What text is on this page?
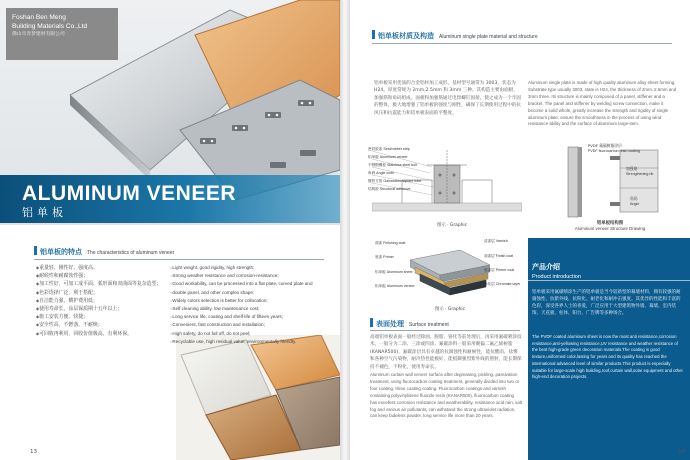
Foshan Ben Meng
Building Materials Co.,Ltd
佛山市奔梦建材有限公司
ALUMINUM VENEER
铝单板
铝单板的特点 The characteristics of aluminum veneer
◆ 重量轻、刚性好、强度高；
◆ 耐候性和耐腐蚀性强；
◆ 加工性好，可加工成平面、弧形面和双曲面等复杂造型；
◆ 色彩选择广泛，利于搭配；
◆ 自洁能力强，横护费用低；
◆ 使用寿命长，涂层保质期十五年以上；
◆ 施工安装方便、快捷；
◆ 安全性高，不燃落，不耐焕；
◆ 可回收再利用，回收价值极高，有利环保。
○ Light weight, good rigidity, high strength;
○ Strong weather resistance and corrosion-resistance;
○ Good workability, can be processed into a flat plate, curved plate and
○ double panel, and other complex shape;
○ Widely colors selection is better for collocation;
○ Self cleaning ability, low maintenance cost;
○ Long service life, coating and shelf-life of fifteen years;
○ Convenient, fast construction and installation;
○ High safety, do not fall off, do not peel;
○ Recyclable use, high residual value, environmentally friendly.
13
铝单板材质及构造 Aluminum single plate material and structure
铝单板采用优质的合金铝材加工成形。基材型号通常为 3003，状态为 H24。厚度常规为 2mm,2.5mm 和 3mm 三种。其构造主要由面板、加强筋和角码组成。面板和加强筋通过电焊螺钉固接，使之成为一个牢固的整体，极大地增强了铝单板的强度与刚性，确保了长期使用过程中的抗风压和抗震能力和铝单板表面的平整度。
Aluminum single plate is made of high quality aluminum alloy sheet forming. Substrate type usually 3003, state is H24, the thickness of 2mm, 2.5mm and 3mm three. Its structure is mainly composed of a panel, stiffener and a bracket. The panel and stiffener by welding screw connection, make it become a solid whole, greatly increase the strength and rigidity of single aluminum plate, ensure the smoothness in the process of using wind resistance ability and the surface of aluminum large-item.
密封胶条 Seal/rubber strip
铝单板 Aluminum veneer
不锈钢螺栓 Stainless steel bolt
角码 Angle code
镀锌方管 Galvanized square tube
结构胶 Structural adhesive
图示 · Graphic
PVDF 氟碳树脂涂层
PVDF fluorocarbon resin coating
加强筋
Strengthening rib
角码
Angle
铝单板结构图
Aluminum veneer Structure Drawing
面漆 Finishing coat
底漆 Primer
铝单板 Aluminum sheet
铝单板 Aluminum veneer
清漆层 Varnish
面漆层 Finish coat
底漆层 Primer coat
铬化层 Chromate layer
图示 · Graphic
表面处理 Surface treatment
高端铝单板表面一般经过除油、脱脂、铬化等前处理后，再采用氟碳喷涂技术，一般分为二涂、三涂或四涂。氟碳涂料一般采用聚偏二氟乙烯树脂(KANAR500)，氟碳涂层具有卓越的抗腐蚀性和耐候性，能抗酸雨、盐雾和各种空气污染物，耐冷热性能极好，能抵御强烈紫外线的照射，能长期保持不褪色，不粉化，使用寿命长。
Aluminum curtain wall veneer surface after degreasing, pickling, passivation treatment, using fluorocarbon coating treatment, generally divided into two or four coating, three coating coating. Fluorocarbon coatings and varnish containing polyvinylidene fluoride resin (KANAR500), fluorocarbon coating has excellent corrosion resistance and weatherability, resistance acid rain, salt fog and various air pollutants, can withstand the strong ultraviolet radiation, can keep fadeless powder, long service life more than 20 years.
产品介绍
Product introduction
铝单板采用氟碳喷涂生产的铝单板是当今较新型的幕墙材料，拥有较强的耐腐蚀性、抗紫外线、抗粉化、耐老化和耐冲击强度。其优异的性能和丰富的色彩，深受各界人士的喜爱，广泛应用于大型建筑物外墙、幕墙、室内装饰、天花板、柱体、阳台、广告牌等多种场合。
The PVDF coated aluminum sheet is now the most anti resistance,corrosion resistance,anti-yellowing resistance,UV resistance and weather resistance of the best high-grade green decoration materials.The coating is good texture,uniformed color,lasting for years and its quality has reached the international advanced level of similar products.This product is especially suitable for large-scale high building,roof,curtain wall,solar equipment and other high-end decoration projects.
14
